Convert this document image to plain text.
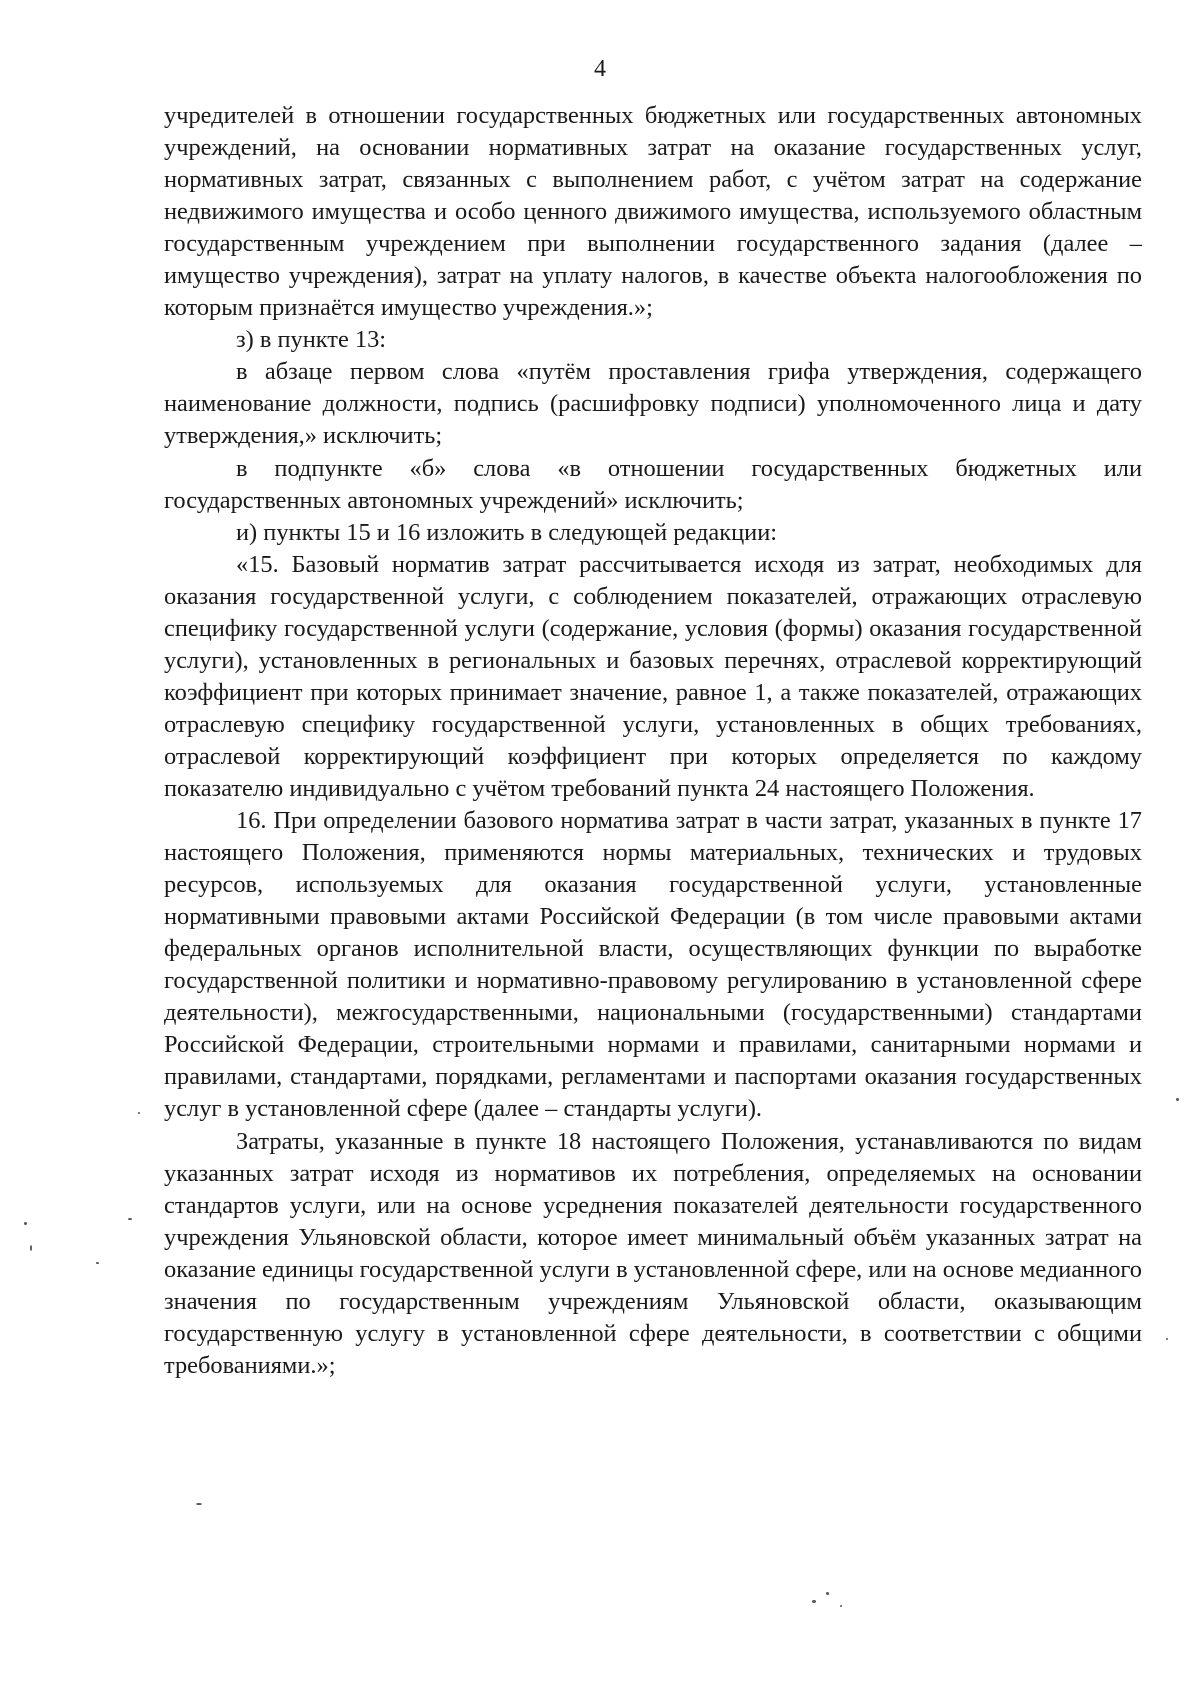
4

учредителей в отношении государственных бюджетных или государственных автономных учреждений, на основании нормативных затрат на оказание государственных услуг, нормативных затрат, связанных с выполнением работ, с учётом затрат на содержание недвижимого имущества и особо ценного движимого имущества, используемого областным государственным учреждением при выполнении государственного задания (далее – имущество учреждения), затрат на уплату налогов, в качестве объекта налогообложения по которым признаётся имущество учреждения.»;

з) в пункте 13:

в абзаце первом слова «путём проставления грифа утверждения, содержащего наименование должности, подпись (расшифровку подписи) уполномоченного лица и дату утверждения,» исключить;

в подпункте «б» слова «в отношении государственных бюджетных или государственных автономных учреждений» исключить;

и) пункты 15 и 16 изложить в следующей редакции:

«15. Базовый норматив затрат рассчитывается исходя из затрат, необходимых для оказания государственной услуги, с соблюдением показателей, отражающих отраслевую специфику государственной услуги (содержание, условия (формы) оказания государственной услуги), установленных в региональных и базовых перечнях, отраслевой корректирующий коэффициент при которых принимает значение, равное 1, а также показателей, отражающих отраслевую специфику государственной услуги, установленных в общих требованиях, отраслевой корректирующий коэффициент при которых определяется по каждому показателю индивидуально с учётом требований пункта 24 настоящего Положения.

16. При определении базового норматива затрат в части затрат, указанных в пункте 17 настоящего Положения, применяются нормы материальных, технических и трудовых ресурсов, используемых для оказания государственной услуги, установленные нормативными правовыми актами Российской Федерации (в том числе правовыми актами федеральных органов исполнительной власти, осуществляющих функции по выработке государственной политики и нормативно-правовому регулированию в установленной сфере деятельности), межгосударственными, национальными (государственными) стандартами Российской Федерации, строительными нормами и правилами, санитарными нормами и правилами, стандартами, порядками, регламентами и паспортами оказания государственных услуг в установленной сфере (далее – стандарты услуги).

Затраты, указанные в пункте 18 настоящего Положения, устанавливаются по видам указанных затрат исходя из нормативов их потребления, определяемых на основании стандартов услуги, или на основе усреднения показателей деятельности государственного учреждения Ульяновской области, которое имеет минимальный объём указанных затрат на оказание единицы государственной услуги в установленной сфере, или на основе медианного значения по государственным учреждениям Ульяновской области, оказывающим государственную услугу в установленной сфере деятельности, в соответствии с общими требованиями.»;
